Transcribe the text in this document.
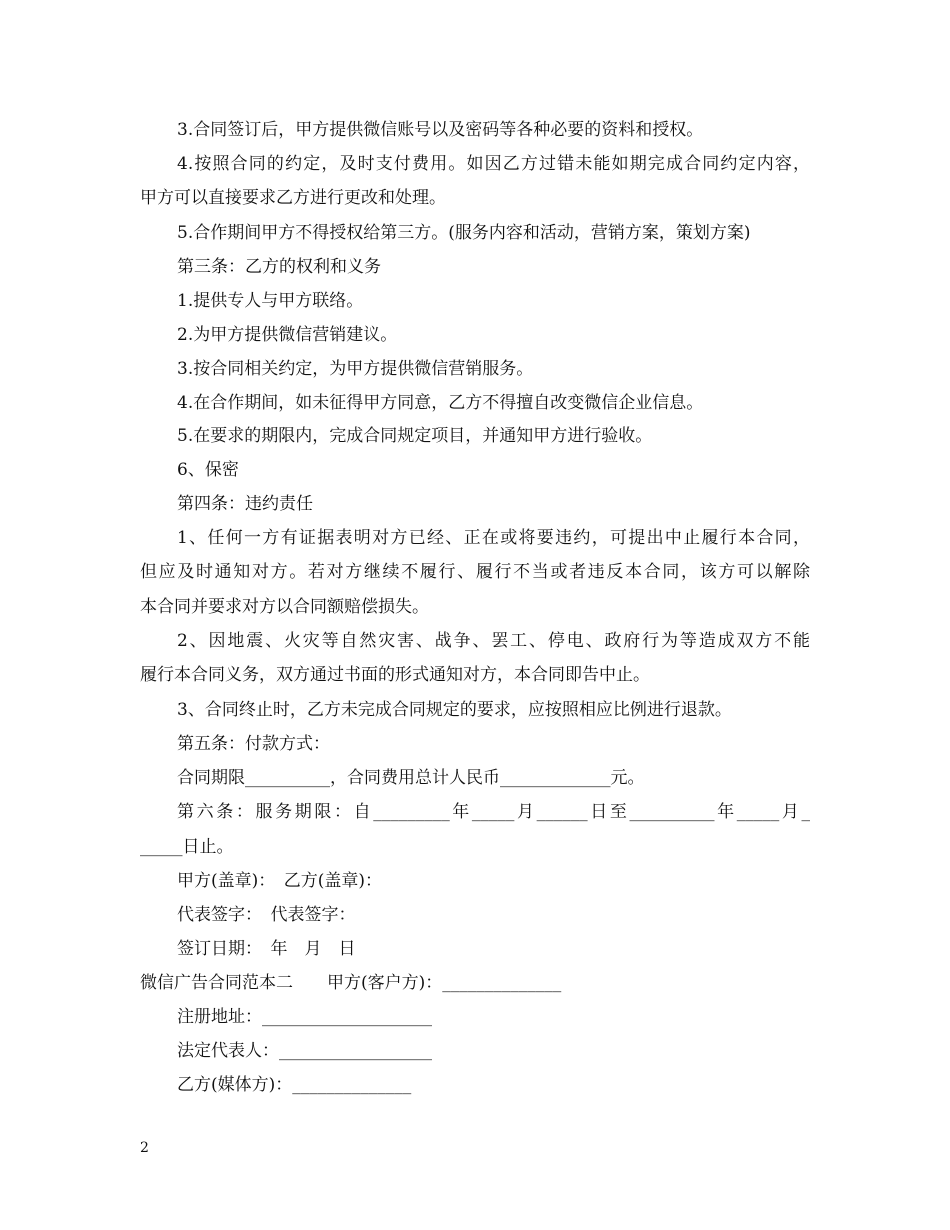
3.合同签订后，甲方提供微信账号以及密码等各种必要的资料和授权。
4.按照合同的约定，及时支付费用。如因乙方过错未能如期完成合同约定内容，
甲方可以直接要求乙方进行更改和处理。
5.合作期间甲方不得授权给第三方。(服务内容和活动，营销方案，策划方案)
第三条：乙方的权利和义务
1.提供专人与甲方联络。
2.为甲方提供微信营销建议。
3.按合同相关约定，为甲方提供微信营销服务。
4.在合作期间，如未征得甲方同意，乙方不得擅自改变微信企业信息。
5.在要求的期限内，完成合同规定项目，并通知甲方进行验收。
6、保密
第四条：违约责任
1、任何一方有证据表明对方已经、正在或将要违约，可提出中止履行本合同，
但应及时通知对方。若对方继续不履行、履行不当或者违反本合同，该方可以解除
本合同并要求对方以合同额赔偿损失。
2、因地震、火灾等自然灾害、战争、罢工、停电、政府行为等造成双方不能
履行本合同义务，双方通过书面的形式通知对方，本合同即告中止。
3、合同终止时，乙方未完成合同规定的要求，应按照相应比例进行退款。
第五条：付款方式：
合同期限__________，合同费用总计人民币_____________元。
第六条：服务期限：自_________年_____月______日至__________年_____月_
_____日止。
甲方(盖章)：　乙方(盖章)：
代表签字：　代表签字：
签订日期：　年　月　日
微信广告合同范本二　　甲方(客户方)：______________
注册地址：____________________
法定代表人：__________________
乙方(媒体方)：______________
2
